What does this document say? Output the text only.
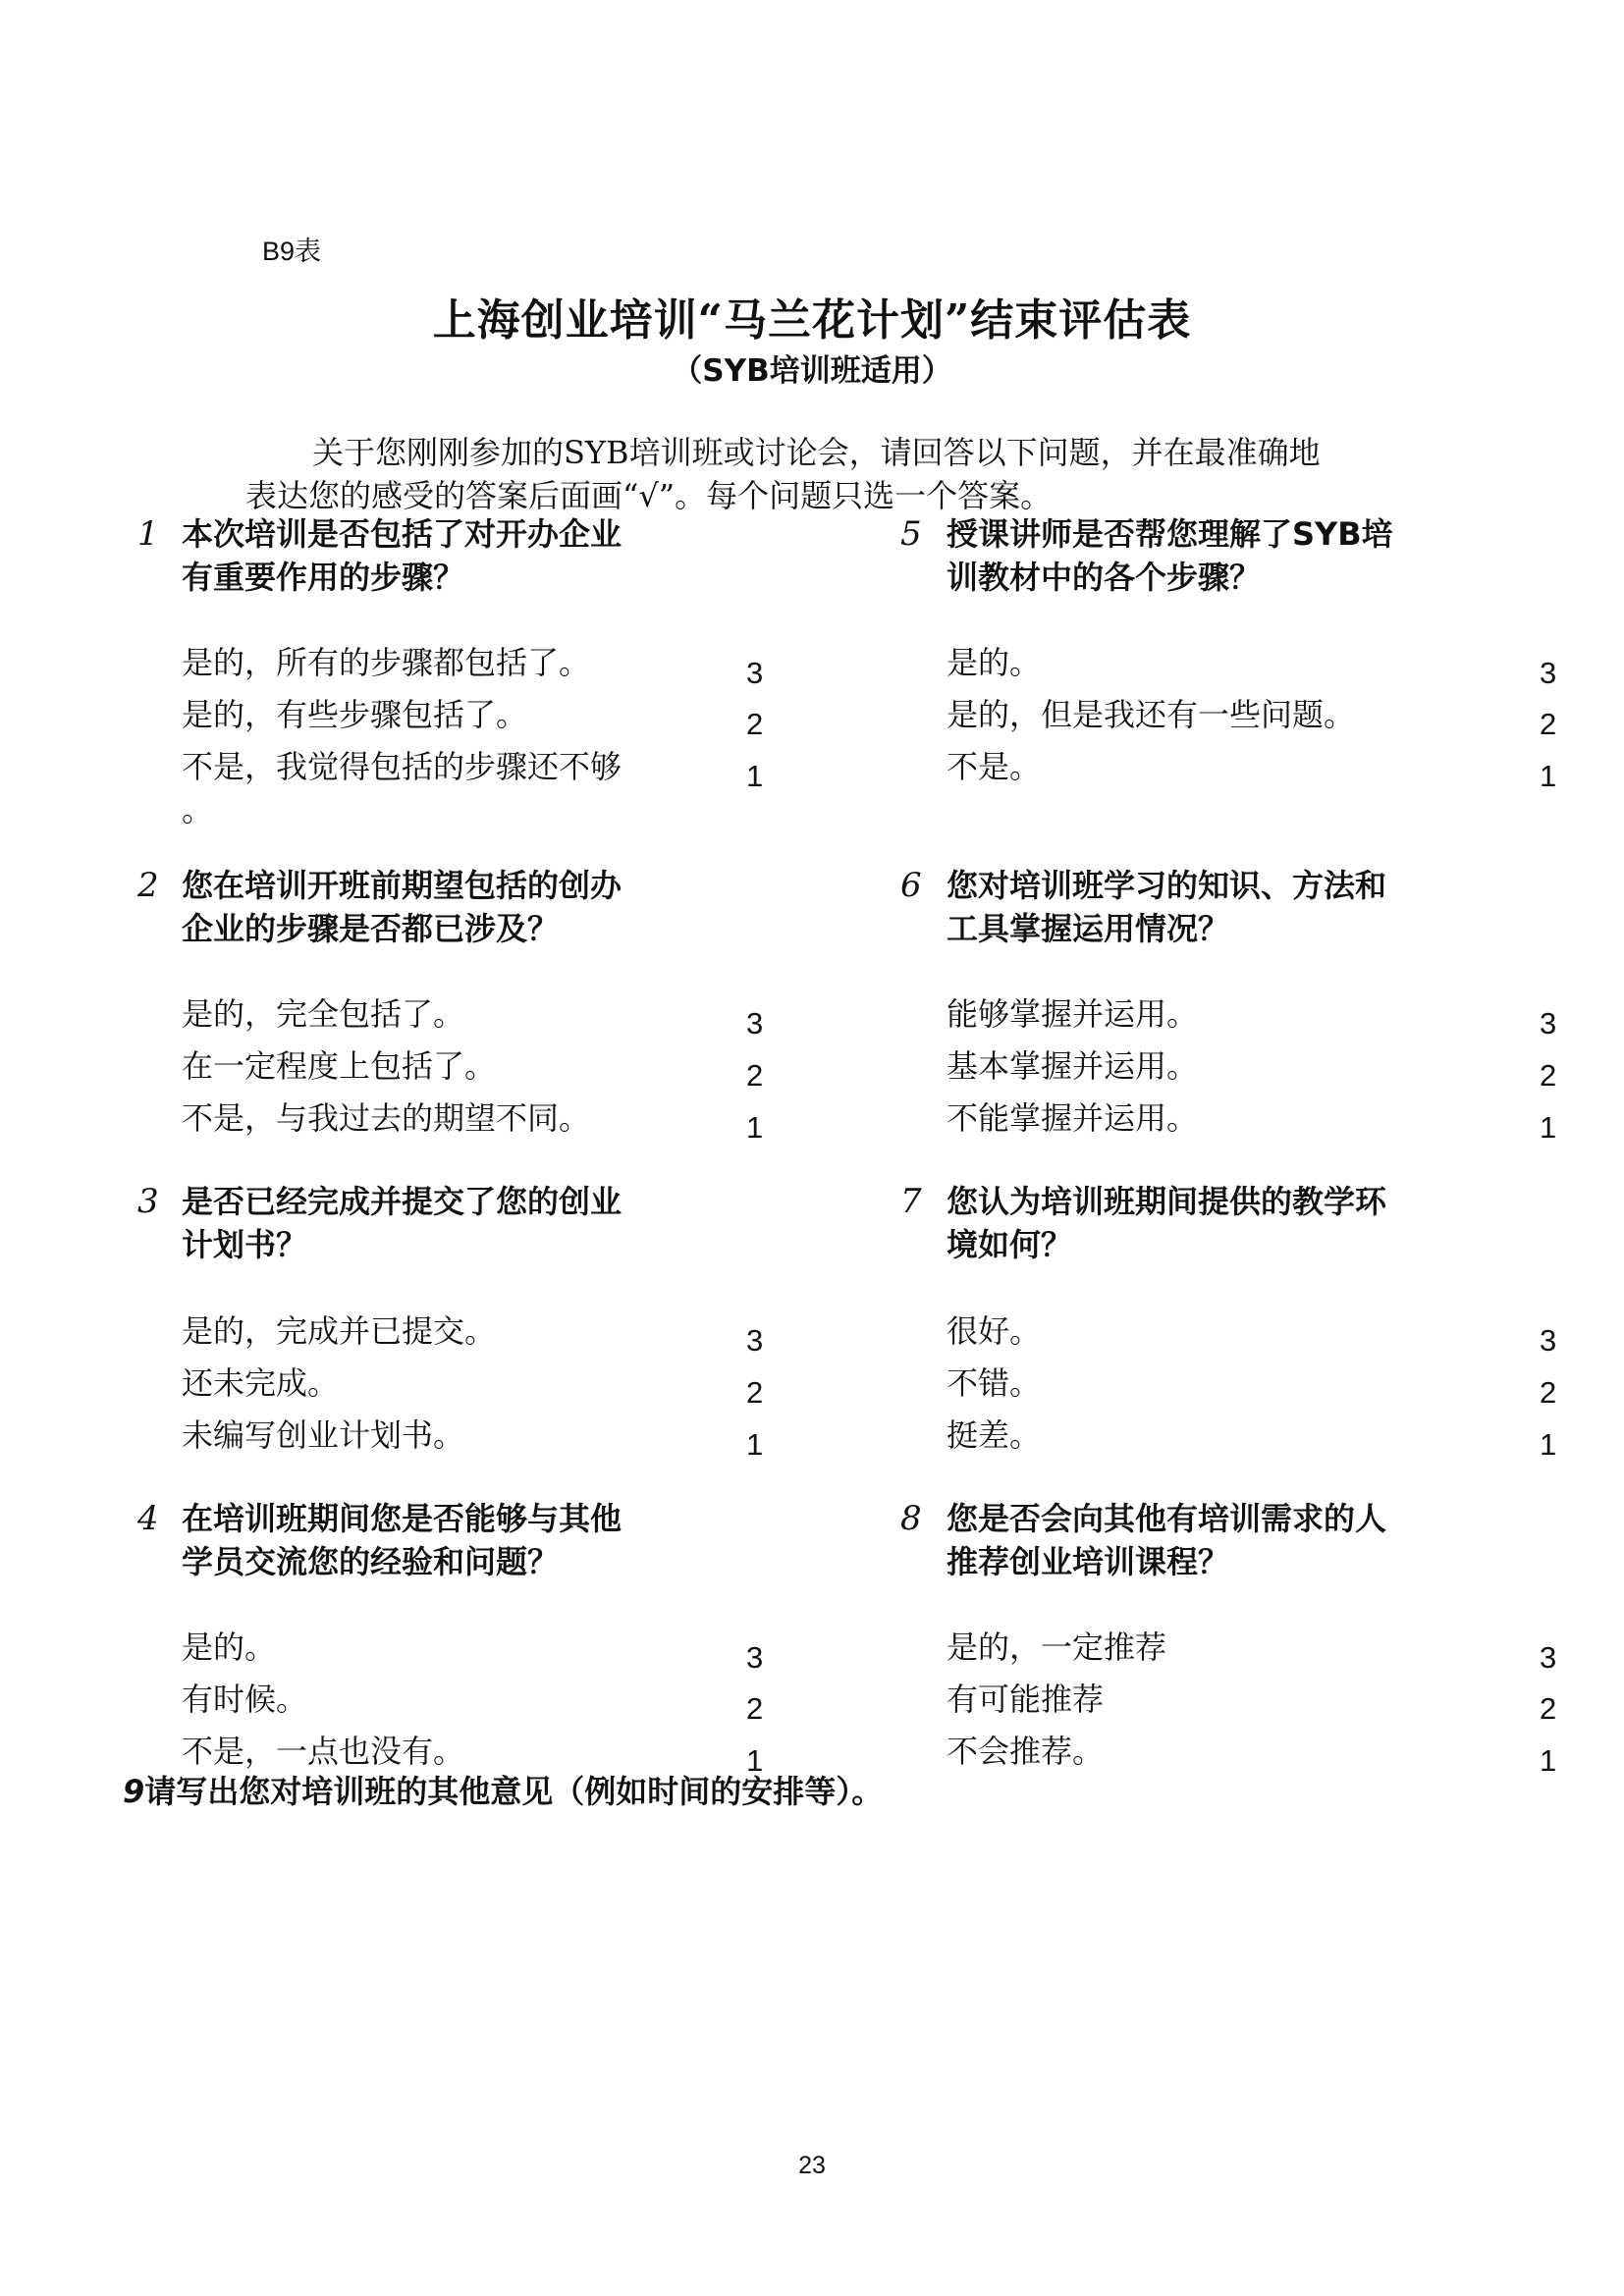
B9表
上海创业培训“马兰花计划”结束评估表
（SYB培训班适用）
关于您刚刚参加的SYB培训班或讨论会，请回答以下问题，并在最准确地
表达您的感受的答案后面画“√”。每个问题只选一个答案。
1 本次培训是否包括了对开办企业
有重要作用的步骤？
是的，所有的步骤都包括了。	3
是的，有些步骤包括了。	2
不是，我觉得包括的步骤还不够	1
。
2 您在培训开班前期望包括的创办
企业的步骤是否都已涉及？
是的，完全包括了。	3
在一定程度上包括了。	2
不是，与我过去的期望不同。	1
3 是否已经完成并提交了您的创业
计划书？
是的，完成并已提交。	3
还未完成。	2
未编写创业计划书。	1
4 在培训班期间您是否能够与其他
学员交流您的经验和问题？
是的。	3
有时候。	2
不是，一点也没有。	1
5 授课讲师是否帮您理解了SYB培
训教材中的各个步骤？
是的。	3
是的，但是我还有一些问题。	2
不是。	1
6 您对培训班学习的知识、方法和
工具掌握运用情况？
能够掌握并运用。	3
基本掌握并运用。	2
不能掌握并运用。	1
7 您认为培训班期间提供的教学环
境如何？
很好。	3
不错。	2
挺差。	1
8 您是否会向其他有培训需求的人
推荐创业培训课程？
是的，一定推荐	3
有可能推荐	2
不会推荐。	1
9请写出您对培训班的其他意见（例如时间的安排等）。
23
